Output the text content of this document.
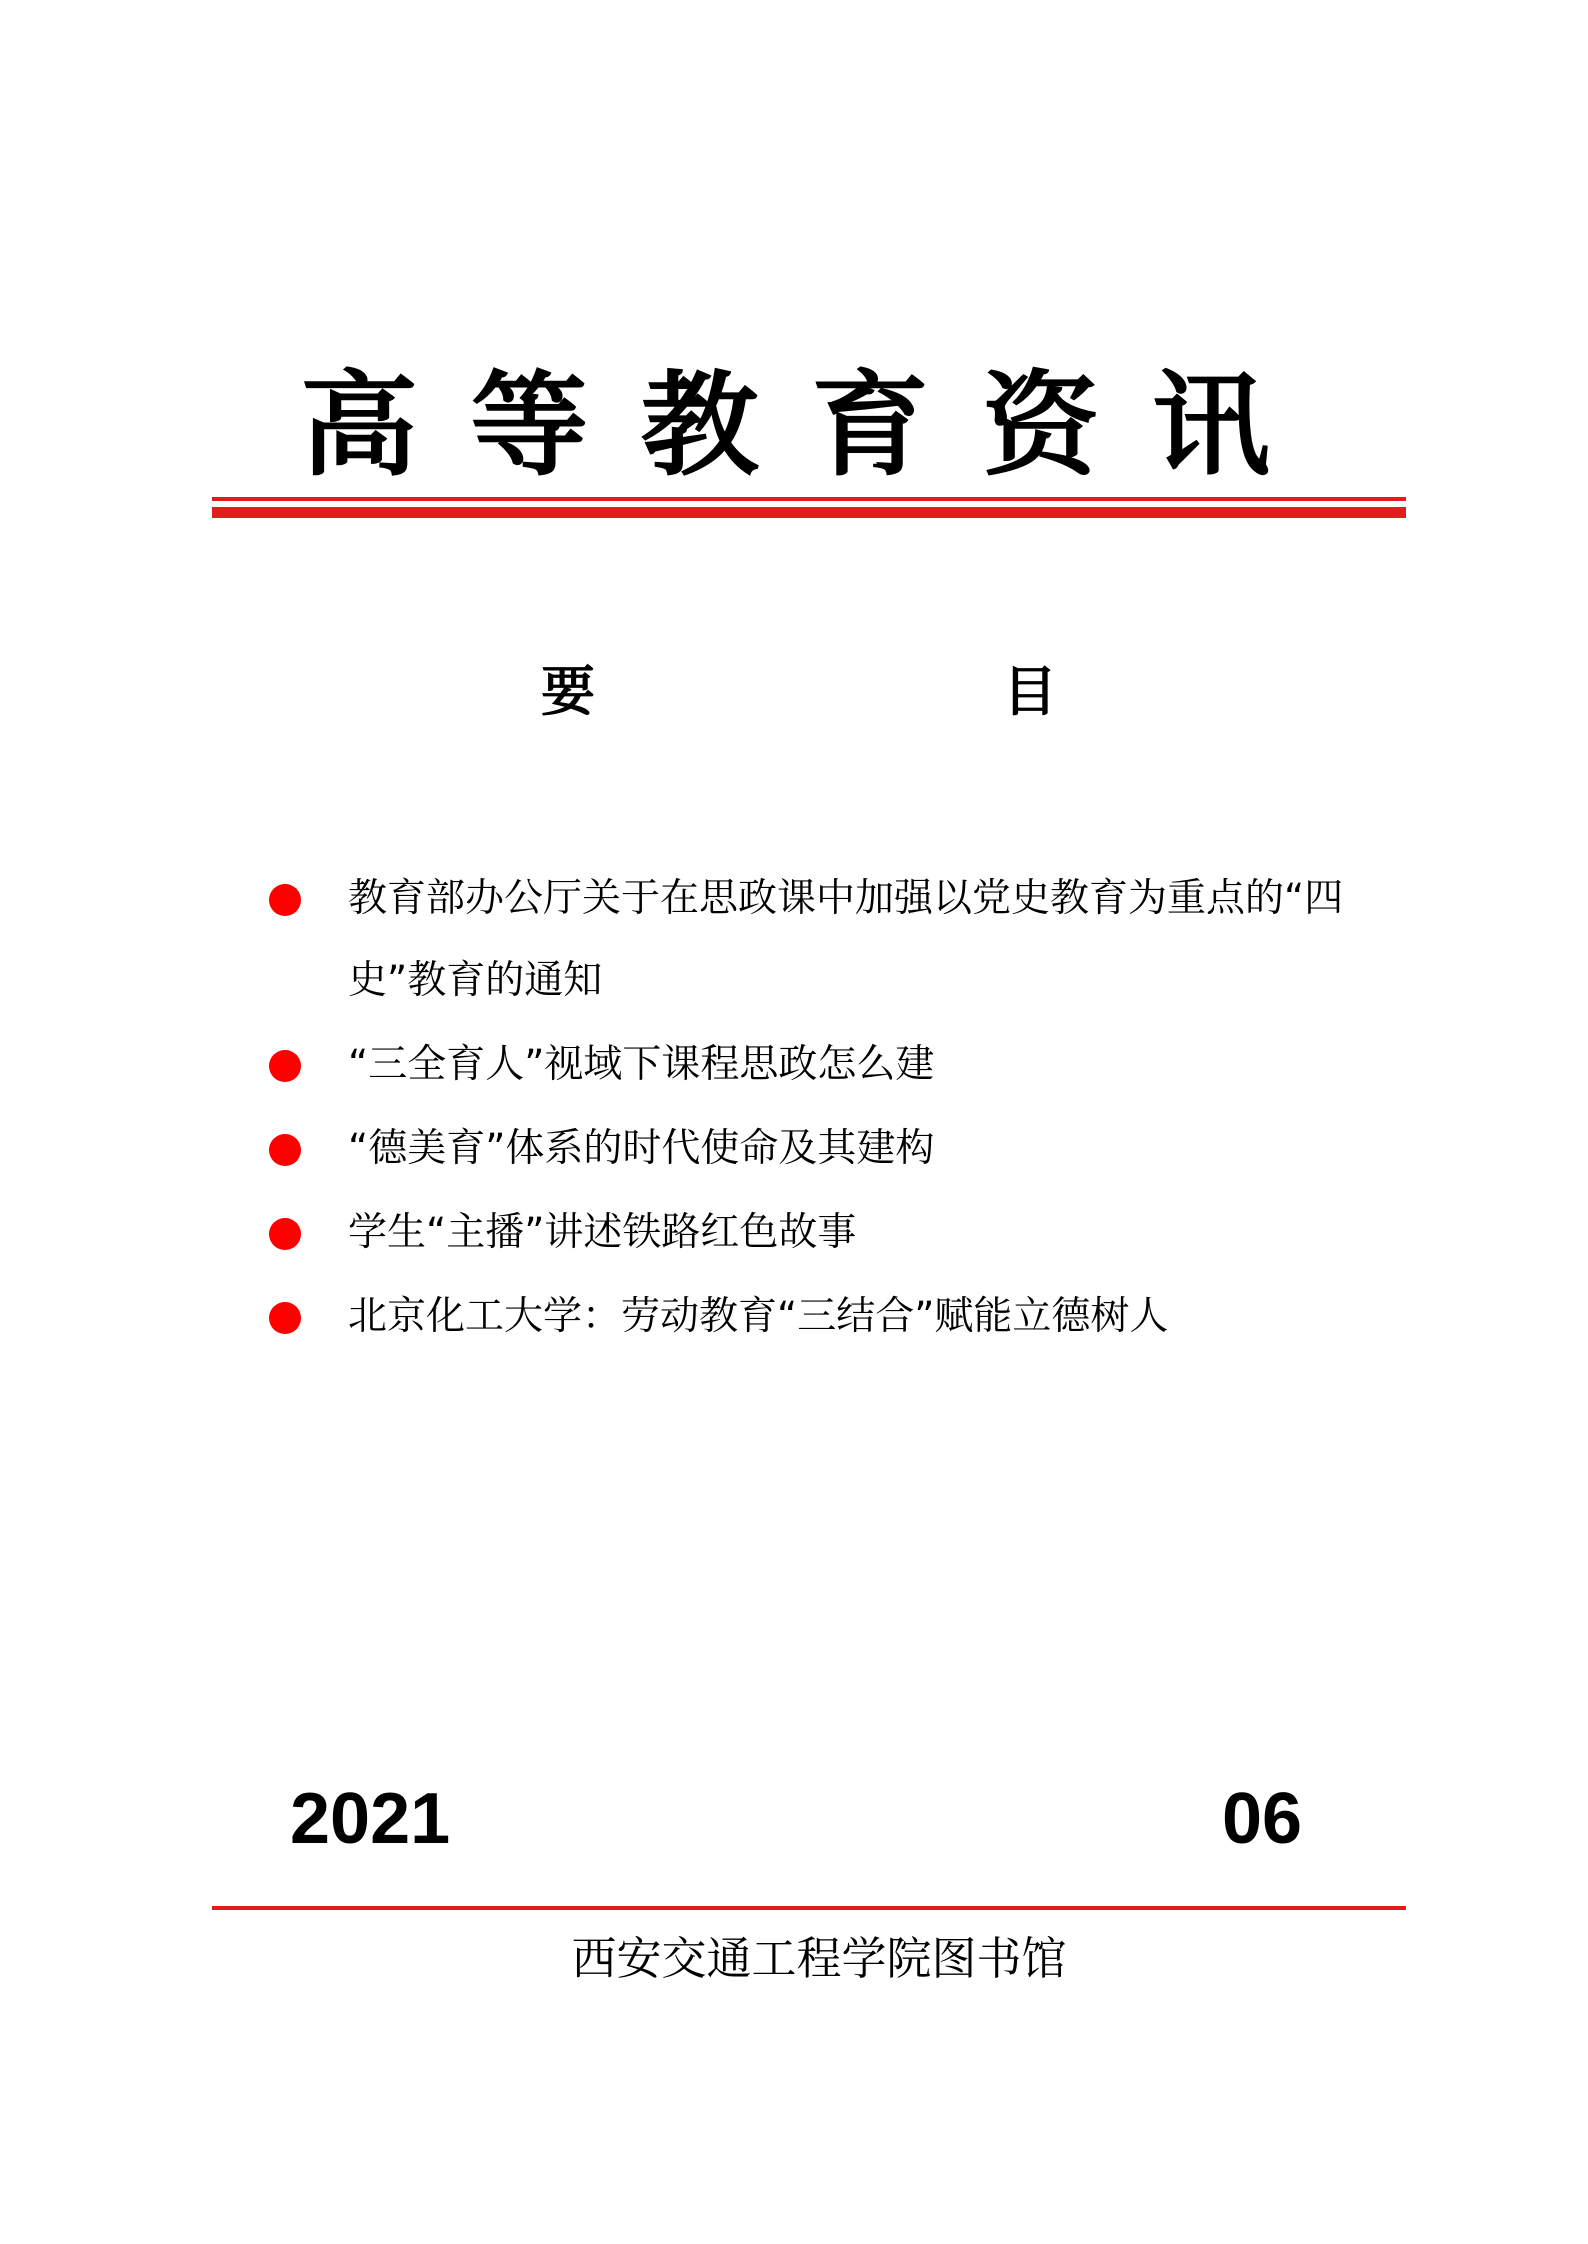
高 等 教 育 资 讯
要　　目
教育部办公厅关于在思政课中加强以党史教育为重点的“四史”教育的通知
“三全育人”视域下课程思政怎么建
“德美育”体系的时代使命及其建构
学生“主播”讲述铁路红色故事
北京化工大学：劳动教育“三结合”赋能立德树人
2021	06
西安交通工程学院图书馆
